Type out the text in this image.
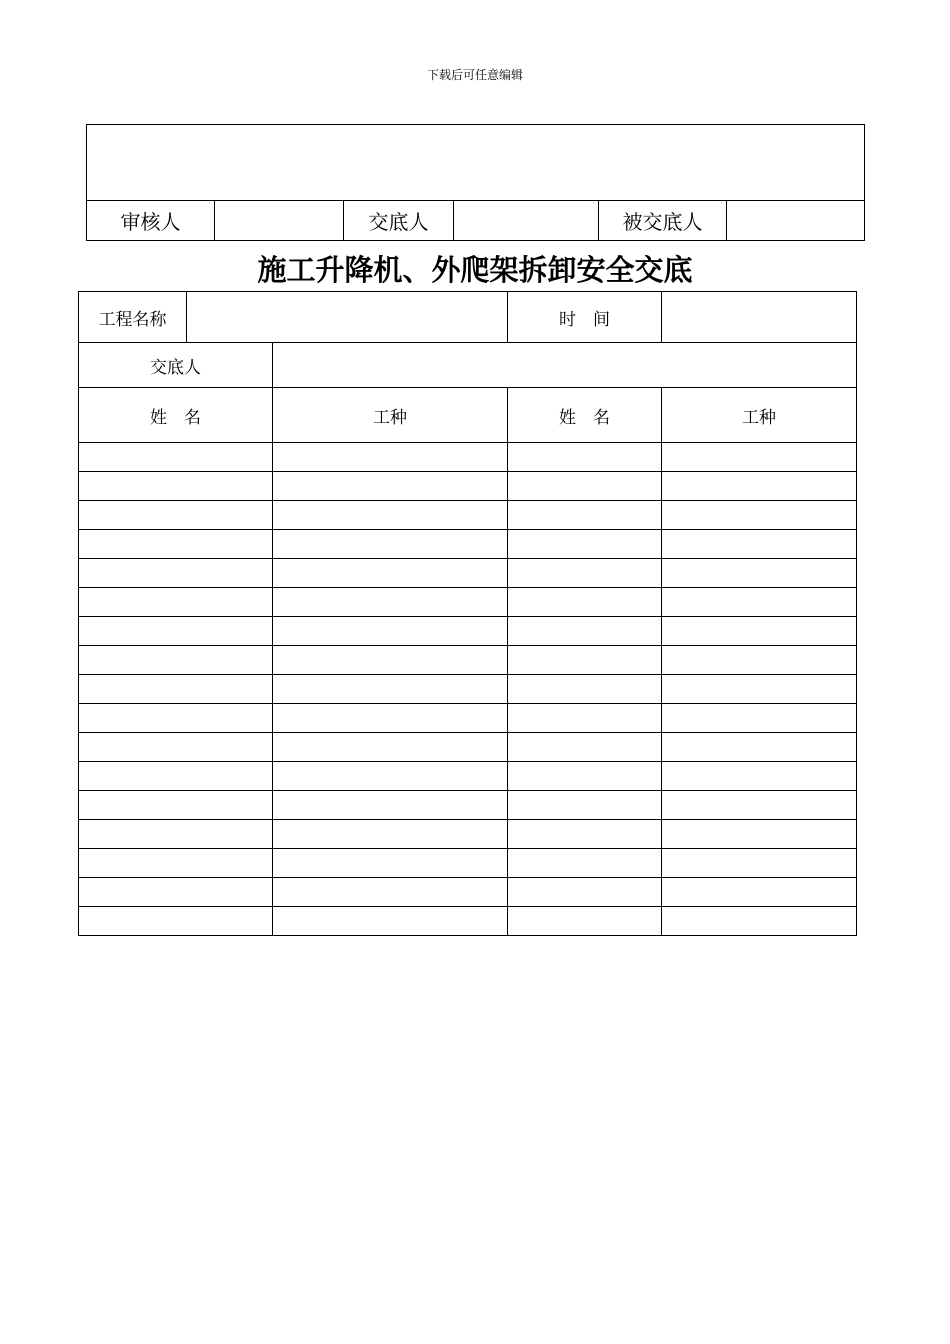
下载后可任意编辑

审核人		交底人		被交底人	
施工升降机、外爬架拆卸安全交底
工程名称			时　间	
交底人				
姓　名		工种	姓　名	工种
